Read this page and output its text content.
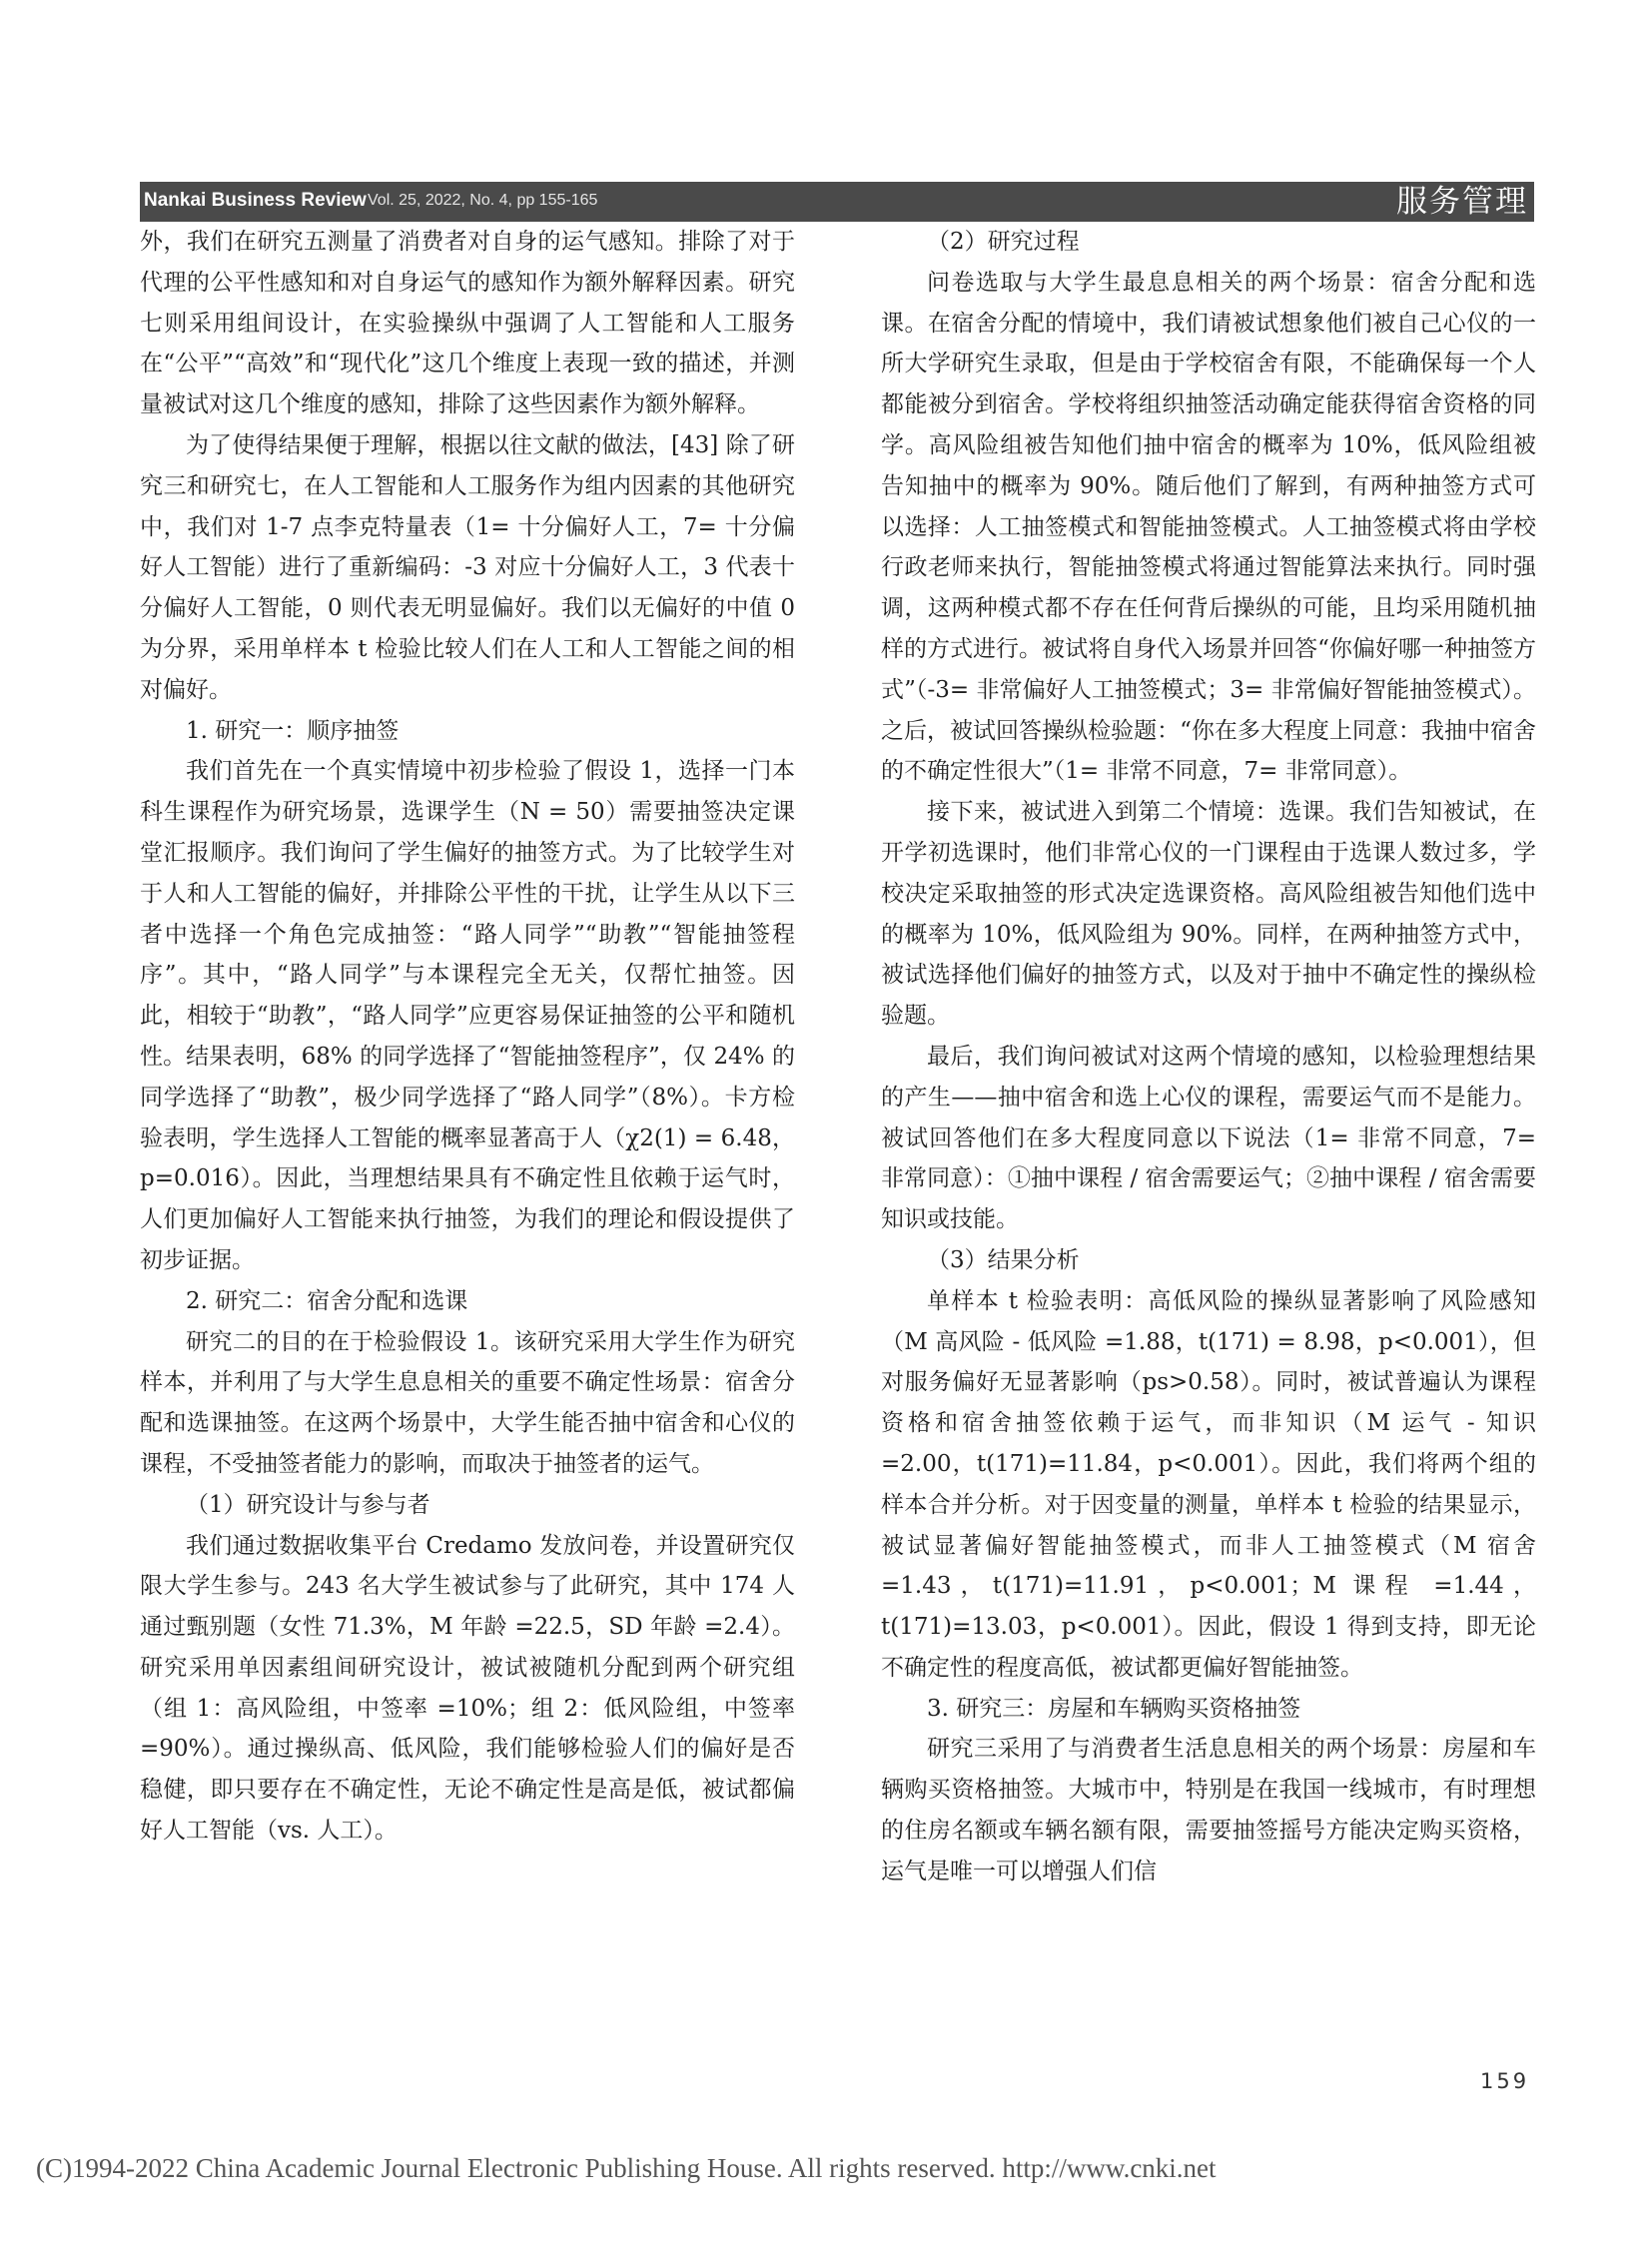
Nankai Business Review Vol. 25, 2022, No. 4, pp 155-165	服务管理

外，我们在研究五测量了消费者对自身的运气感知。排除了对于代理的公平性感知和对自身运气的感知作为额外解释因素。研究七则采用组间设计，在实验操纵中强调了人工智能和人工服务在“公平”“高效”和“现代化”这几个维度上表现一致的描述，并测量被试对这几个维度的感知，排除了这些因素作为额外解释。

为了使得结果便于理解，根据以往文献的做法，[43] 除了研究三和研究七，在人工智能和人工服务作为组内因素的其他研究中，我们对 1-7 点李克特量表（1= 十分偏好人工，7= 十分偏好人工智能）进行了重新编码：-3 对应十分偏好人工，3 代表十分偏好人工智能，0 则代表无明显偏好。我们以无偏好的中值 0 为分界，采用单样本 t 检验比较人们在人工和人工智能之间的相对偏好。

1. 研究一：顺序抽签

我们首先在一个真实情境中初步检验了假设 1，选择一门本科生课程作为研究场景，选课学生（N = 50）需要抽签决定课堂汇报顺序。我们询问了学生偏好的抽签方式。为了比较学生对于人和人工智能的偏好，并排除公平性的干扰，让学生从以下三者中选择一个角色完成抽签：“路人同学”“助教”“智能抽签程序”。其中，“路人同学”与本课程完全无关，仅帮忙抽签。因此，相较于“助教”，“路人同学”应更容易保证抽签的公平和随机性。结果表明，68% 的同学选择了“智能抽签程序”，仅 24% 的同学选择了“助教”，极少同学选择了“路人同学”（8%）。卡方检验表明，学生选择人工智能的概率显著高于人（χ2(1) = 6.48，p=0.016）。因此，当理想结果具有不确定性且依赖于运气时，人们更加偏好人工智能来执行抽签，为我们的理论和假设提供了初步证据。

2. 研究二：宿舍分配和选课

研究二的目的在于检验假设 1。该研究采用大学生作为研究样本，并利用了与大学生息息相关的重要不确定性场景：宿舍分配和选课抽签。在这两个场景中，大学生能否抽中宿舍和心仪的课程，不受抽签者能力的影响，而取决于抽签者的运气。

（1）研究设计与参与者

我们通过数据收集平台 Credamo 发放问卷，并设置研究仅限大学生参与。243 名大学生被试参与了此研究，其中 174 人通过甄别题（女性 71.3%，M 年龄 =22.5，SD 年龄 =2.4）。研究采用单因素组间研究设计，被试被随机分配到两个研究组（组 1：高风险组，中签率 =10%；组 2：低风险组，中签率 =90%）。通过操纵高、低风险，我们能够检验人们的偏好是否稳健，即只要存在不确定性，无论不确定性是高是低，被试都偏好人工智能（vs. 人工）。

（2）研究过程

问卷选取与大学生最息息相关的两个场景：宿舍分配和选课。在宿舍分配的情境中，我们请被试想象他们被自己心仪的一所大学研究生录取，但是由于学校宿舍有限，不能确保每一个人都能被分到宿舍。学校将组织抽签活动确定能获得宿舍资格的同学。高风险组被告知他们抽中宿舍的概率为 10%，低风险组被告知抽中的概率为 90%。随后他们了解到，有两种抽签方式可以选择：人工抽签模式和智能抽签模式。人工抽签模式将由学校行政老师来执行，智能抽签模式将通过智能算法来执行。同时强调，这两种模式都不存在任何背后操纵的可能，且均采用随机抽样的方式进行。被试将自身代入场景并回答“你偏好哪一种抽签方式”（-3= 非常偏好人工抽签模式；3= 非常偏好智能抽签模式）。之后，被试回答操纵检验题：“你在多大程度上同意：我抽中宿舍的不确定性很大”（1= 非常不同意，7= 非常同意）。

接下来，被试进入到第二个情境：选课。我们告知被试，在开学初选课时，他们非常心仪的一门课程由于选课人数过多，学校决定采取抽签的形式决定选课资格。高风险组被告知他们选中的概率为 10%，低风险组为 90%。同样，在两种抽签方式中，被试选择他们偏好的抽签方式，以及对于抽中不确定性的操纵检验题。

最后，我们询问被试对这两个情境的感知，以检验理想结果的产生——抽中宿舍和选上心仪的课程，需要运气而不是能力。被试回答他们在多大程度同意以下说法（1= 非常不同意，7= 非常同意）：①抽中课程 / 宿舍需要运气；②抽中课程 / 宿舍需要知识或技能。

（3）结果分析

单样本 t 检验表明：高低风险的操纵显著影响了风险感知（M 高风险 - 低风险 =1.88，t(171) = 8.98，p<0.001），但对服务偏好无显著影响（ps>0.58）。同时，被试普遍认为课程资格和宿舍抽签依赖于运气，而非知识（M 运气 - 知识 =2.00，t(171)=11.84，p<0.001）。因此，我们将两个组的样本合并分析。对于因变量的测量，单样本 t 检验的结果显示，被试显著偏好智能抽签模式，而非人工抽签模式（M 宿舍 =1.43，t(171)=11.91，p<0.001；M 课程 =1.44，t(171)=13.03，p<0.001）。因此，假设 1 得到支持，即无论不确定性的程度高低，被试都更偏好智能抽签。

3. 研究三：房屋和车辆购买资格抽签

研究三采用了与消费者生活息息相关的两个场景：房屋和车辆购买资格抽签。大城市中，特别是在我国一线城市，有时理想的住房名额或车辆名额有限，需要抽签摇号方能决定购买资格，运气是唯一可以增强人们信

159
(C)1994-2022 China Academic Journal Electronic Publishing House. All rights reserved. http://www.cnki.net
